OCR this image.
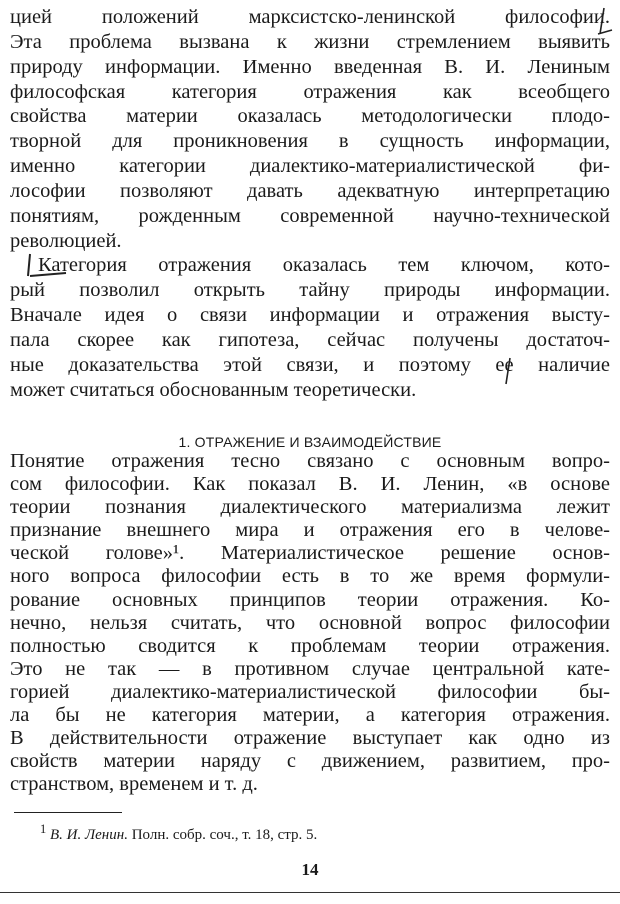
цией положений марксистско-ленинской философии.
Эта проблема вызвана к жизни стремлением выявить
природу информации. Именно введенная В. И. Лениным
философская категория отражения как всеобщего
свойства материи оказалась методологически плодо-
творной для проникновения в сущность информации,
именно категории диалектико-материалистической фи-
лософии позволяют давать адекватную интерпретацию
понятиям, рожденным современной научно-технической
революцией.
Категория отражения оказалась тем ключом, кото-
рый позволил открыть тайну природы информации.
Вначале идея о связи информации и отражения высту-
пала скорее как гипотеза, сейчас получены достаточ-
ные доказательства этой связи, и поэтому ее наличие
может считаться обоснованным теоретически.
1. ОТРАЖЕНИЕ И ВЗАИМОДЕЙСТВИЕ
Понятие отражения тесно связано с основным вопро-
сом философии. Как показал В. И. Ленин, «в основе
теории познания диалектического материализма лежит
признание внешнего мира и отражения его в челове-
ческой голове»¹. Материалистическое решение основ-
ного вопроса философии есть в то же время формули-
рование основных принципов теории отражения. Ко-
нечно, нельзя считать, что основной вопрос философии
полностью сводится к проблемам теории отражения.
Это не так — в противном случае центральной кате-
горией диалектико-материалистической философии бы-
ла бы не категория материи, а категория отражения.
В действительности отражение выступает как одно из
свойств материи наряду с движением, развитием, про-
странством, временем и т. д.
$^1$ В. И. Ленин. Полн. собр. соч., т. 18, стр. 5.
14
